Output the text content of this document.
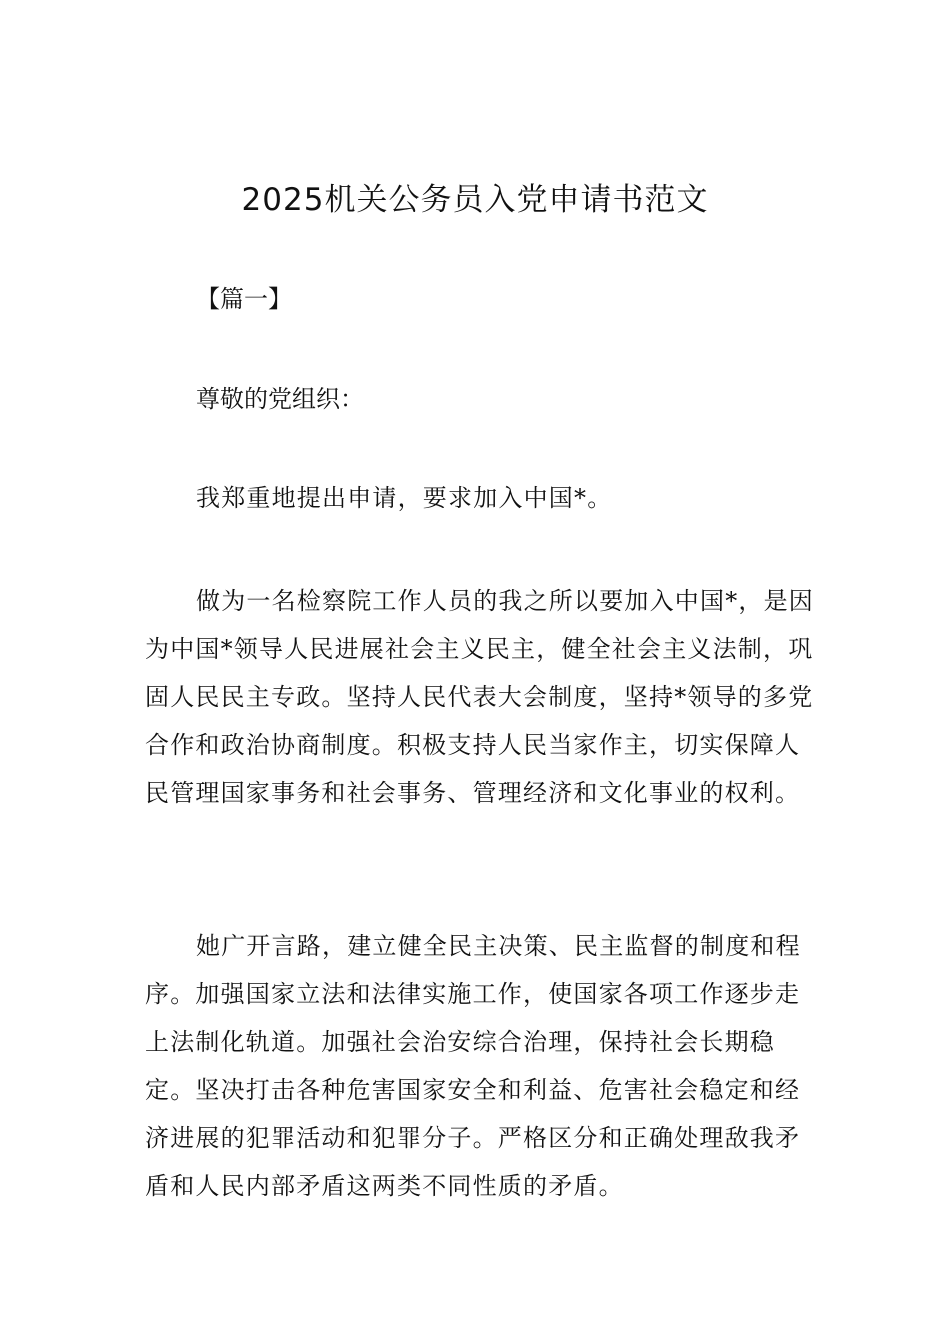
2025机关公务员入党申请书范文
【篇一】
尊敬的党组织：

我郑重地提出申请，要求加入中国*。

做为一名检察院工作人员的我之所以要加入中国*，是因为中国*领导人民进展社会主义民主，健全社会主义法制，巩固人民民主专政。坚持人民代表大会制度，坚持*领导的多党合作和政治协商制度。积极支持人民当家作主，切实保障人民管理国家事务和社会事务、管理经济和文化事业的权利。

她广开言路，建立健全民主决策、民主监督的制度和程序。加强国家立法和法律实施工作，使国家各项工作逐步走上法制化轨道。加强社会治安综合治理，保持社会长期稳定。坚决打击各种危害国家安全和利益、危害社会稳定和经济进展的犯罪活动和犯罪分子。严格区分和正确处理敌我矛盾和人民内部矛盾这两类不同性质的矛盾。
